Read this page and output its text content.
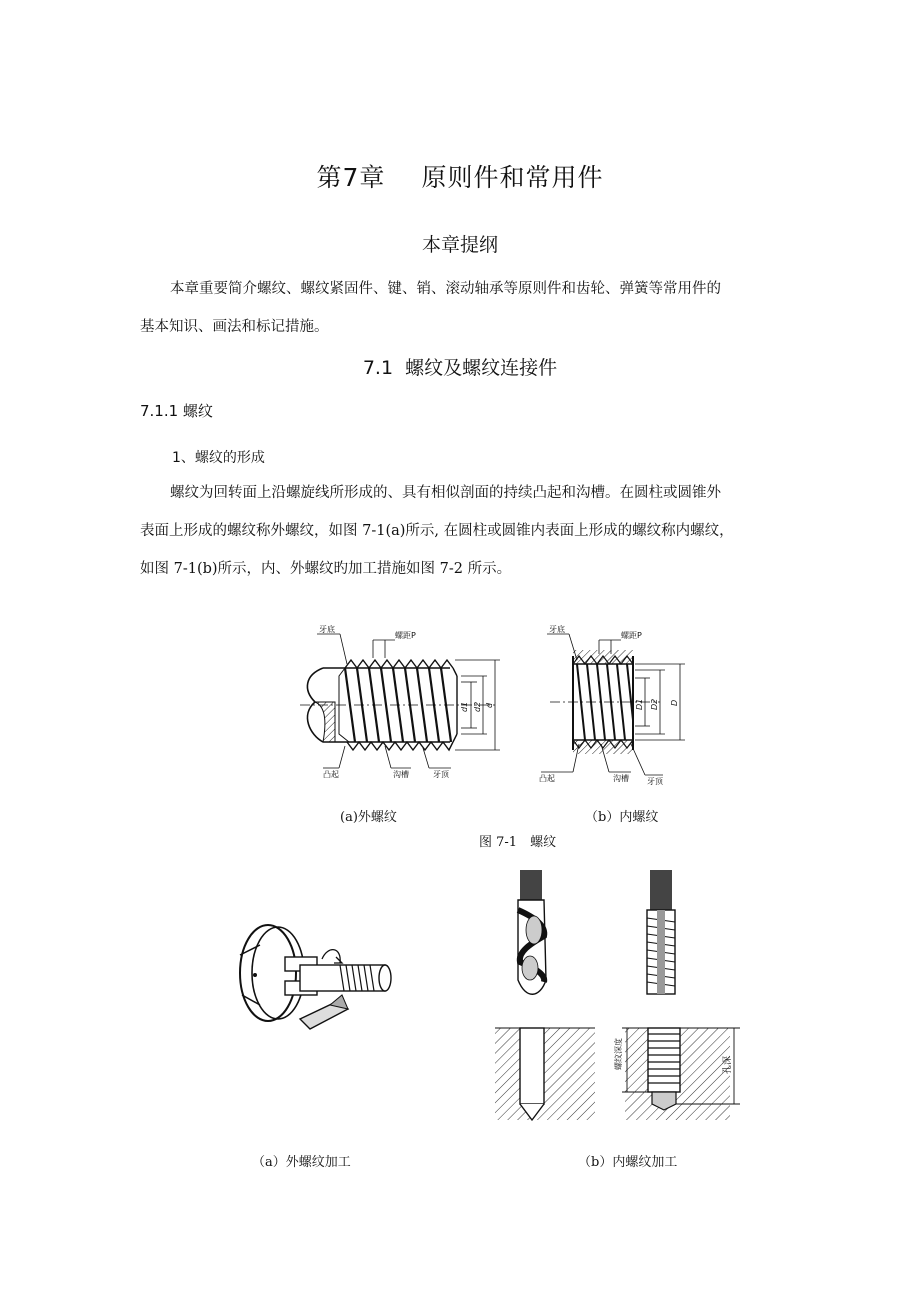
第7章 原则件和常用件
本章提纲
本章重要简介螺纹、螺纹紧固件、键、销、滚动轴承等原则件和齿轮、弹簧等常用件的
基本知识、画法和标记措施。
7.1 螺纹及螺纹连接件
7.1.1 螺纹
1、螺纹的形成
螺纹为回转面上沿螺旋线所形成的、具有相似剖面的持续凸起和沟槽。在圆柱或圆锥外
表面上形成的螺纹称外螺纹，如图 7-1(a)所示, 在圆柱或圆锥内表面上形成的螺纹称内螺纹，
如图 7-1(b)所示，内、外螺纹旳加工措施如图 7-2 所示。
牙底
螺距P
凸起	沟槽	牙顶
d1 d2 d
牙底
螺距P
凸起	沟槽 牙顶
D1 D2 D
(a)外螺纹	（b）内螺纹
图 7-1　螺纹
螺纹深度	孔深
（a）外螺纹加工	（b）内螺纹加工
